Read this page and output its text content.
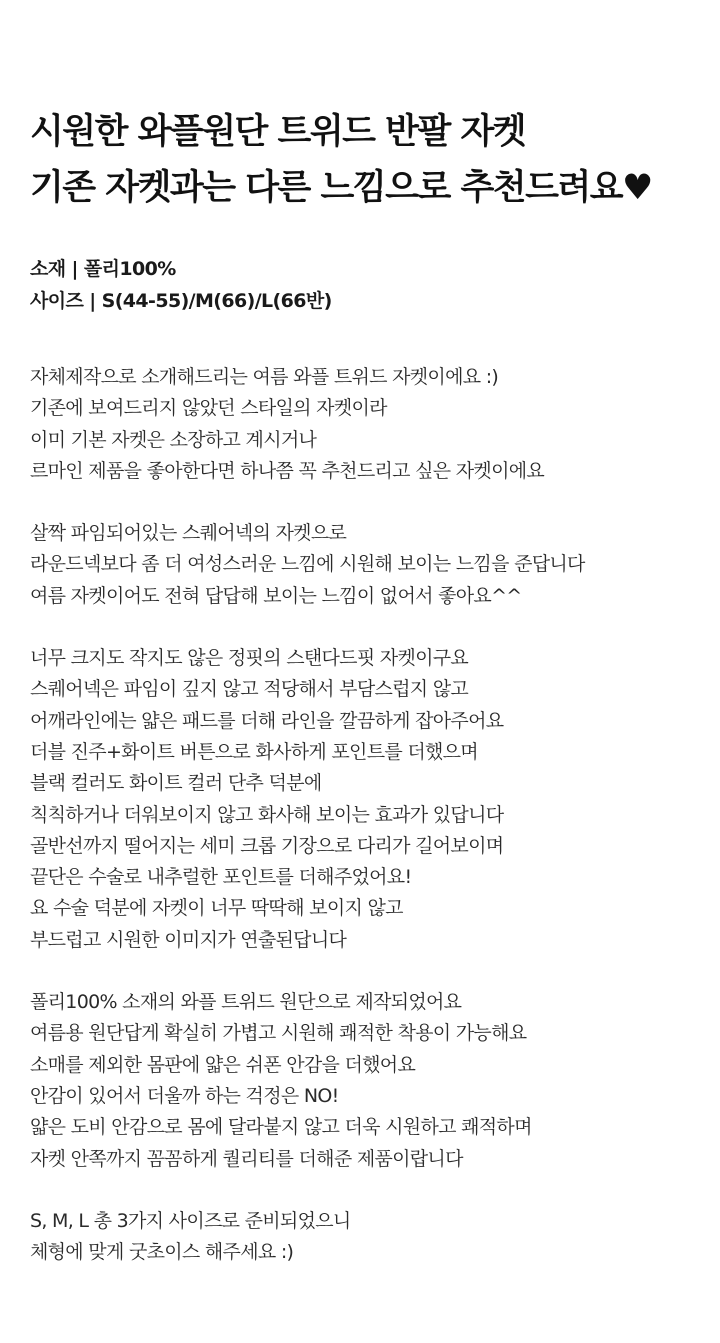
시원한 와플원단 트위드 반팔 자켓
기존 자켓과는 다른 느낌으로 추천드려요♥
소재 | 폴리100%
사이즈 | S(44-55)/M(66)/L(66반)
자체제작으로 소개해드리는 여름 와플 트위드 자켓이에요 :)
기존에 보여드리지 않았던 스타일의 자켓이라
이미 기본 자켓은 소장하고 계시거나
르마인 제품을 좋아한다면 하나쯤 꼭 추천드리고 싶은 자켓이에요
살짝 파임되어있는 스퀘어넥의 자켓으로
라운드넥보다 좀 더 여성스러운 느낌에 시원해 보이는 느낌을 준답니다
여름 자켓이어도 전혀 답답해 보이는 느낌이 없어서 좋아요^^
너무 크지도 작지도 않은 정핏의 스탠다드핏 자켓이구요
스퀘어넥은 파임이 깊지 않고 적당해서 부담스럽지 않고
어깨라인에는 얇은 패드를 더해 라인을 깔끔하게 잡아주어요
더블 진주+화이트 버튼으로 화사하게 포인트를 더했으며
블랙 컬러도 화이트 컬러 단추 덕분에
칙칙하거나 더워보이지 않고 화사해 보이는 효과가 있답니다
골반선까지 떨어지는 세미 크롭 기장으로 다리가 길어보이며
끝단은 수술로 내추럴한 포인트를 더해주었어요!
요 수술 덕분에 자켓이 너무 딱딱해 보이지 않고
부드럽고 시원한 이미지가 연출된답니다
폴리100% 소재의 와플 트위드 원단으로 제작되었어요
여름용 원단답게 확실히 가볍고 시원해 쾌적한 착용이 가능해요
소매를 제외한 몸판에 얇은 쉬폰 안감을 더했어요
안감이 있어서 더울까 하는 걱정은 NO!
얇은 도비 안감으로 몸에 달라붙지 않고 더욱 시원하고 쾌적하며
자켓 안쪽까지 꼼꼼하게 퀄리티를 더해준 제품이랍니다
S, M, L 총 3가지 사이즈로 준비되었으니
체형에 맞게 굿초이스 해주세요 :)
